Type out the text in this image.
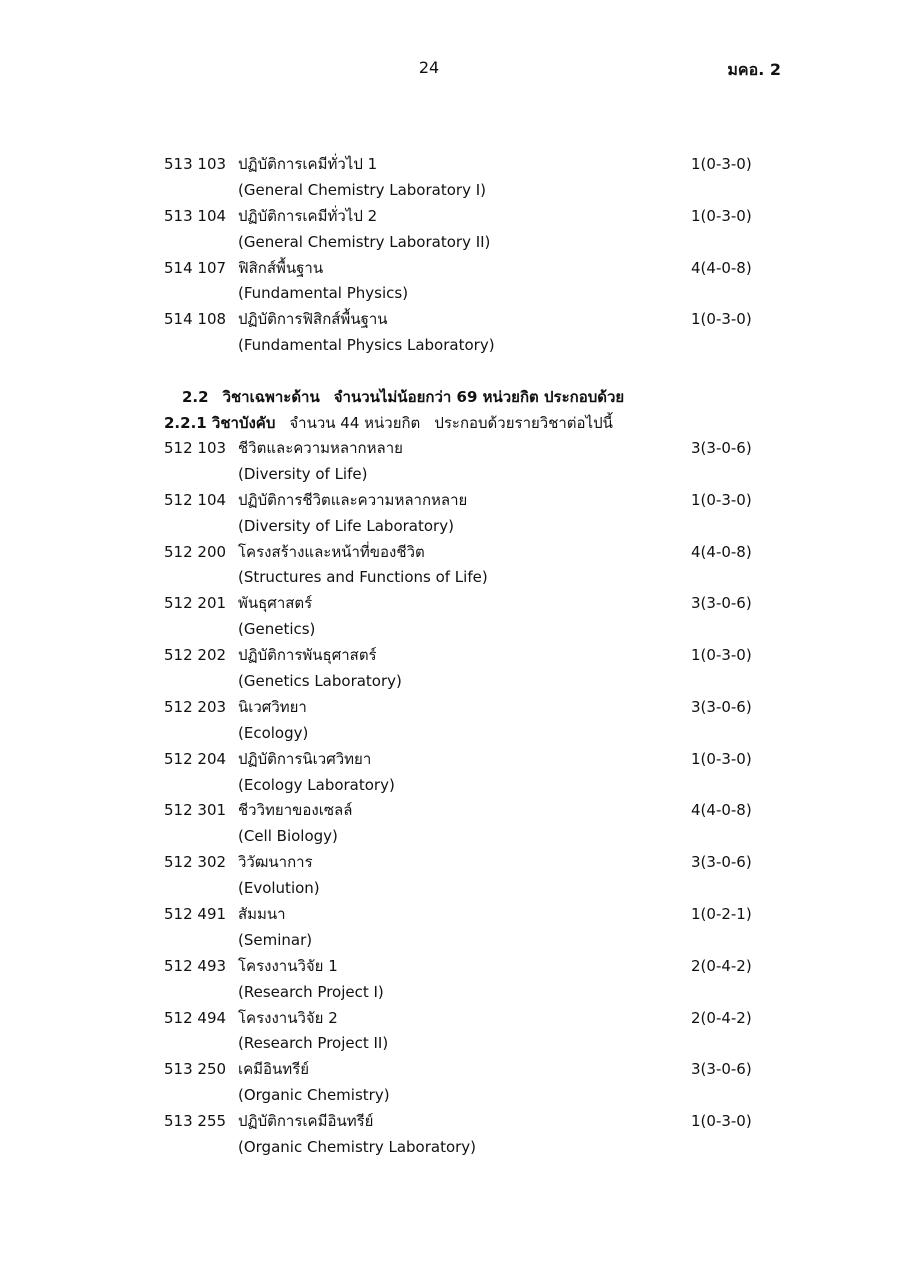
24	มคอ. 2
513 103 ปฏิบัติการเคมีทั่วไป 1	1(0-3-0)
(General Chemistry Laboratory I)
513 104 ปฏิบัติการเคมีทั่วไป 2	1(0-3-0)
(General Chemistry Laboratory II)
514 107 ฟิสิกส์พื้นฐาน	4(4-0-8)
(Fundamental Physics)
514 108 ปฏิบัติการฟิสิกส์พื้นฐาน	1(0-3-0)
(Fundamental Physics Laboratory)
2.2 วิชาเฉพาะด้าน จำนวนไม่น้อยกว่า 69 หน่วยกิต ประกอบด้วย
2.2.1 วิชาบังคับ จำนวน 44 หน่วยกิต ประกอบด้วยรายวิชาต่อไปนี้
512 103 ชีวิตและความหลากหลาย	3(3-0-6)
(Diversity of Life)
512 104 ปฏิบัติการชีวิตและความหลากหลาย	1(0-3-0)
(Diversity of Life Laboratory)
512 200 โครงสร้างและหน้าที่ของชีวิต	4(4-0-8)
(Structures and Functions of Life)
512 201 พันธุศาสตร์	3(3-0-6)
(Genetics)
512 202 ปฏิบัติการพันธุศาสตร์	1(0-3-0)
(Genetics Laboratory)
512 203 นิเวศวิทยา	3(3-0-6)
(Ecology)
512 204 ปฏิบัติการนิเวศวิทยา	1(0-3-0)
(Ecology Laboratory)
512 301 ชีววิทยาของเซลล์	4(4-0-8)
(Cell Biology)
512 302 วิวัฒนาการ	3(3-0-6)
(Evolution)
512 491 สัมมนา	1(0-2-1)
(Seminar)
512 493 โครงงานวิจัย 1	2(0-4-2)
(Research Project I)
512 494 โครงงานวิจัย 2	2(0-4-2)
(Research Project II)
513 250 เคมีอินทรีย์	3(3-0-6)
(Organic Chemistry)
513 255 ปฏิบัติการเคมีอินทรีย์	1(0-3-0)
(Organic Chemistry Laboratory)
